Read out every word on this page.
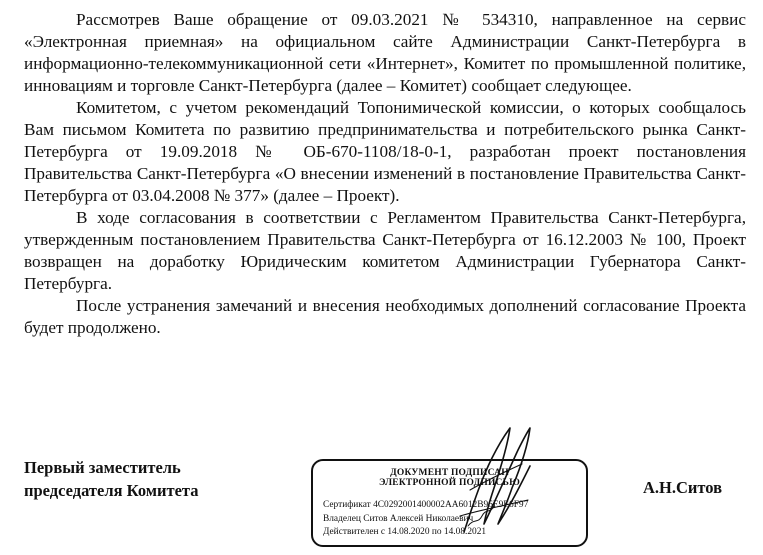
Рассмотрев Ваше обращение от 09.03.2021 № 534310, направленное на сервис «Электронная приемная» на официальном сайте Администрации Санкт-Петербурга в информационно-телекоммуникационной сети «Интернет», Комитет по промышленной политике, инновациям и торговле Санкт-Петербурга (далее – Комитет) сообщает следующее.

Комитетом, с учетом рекомендаций Топонимической комиссии, о которых сообщалось Вам письмом Комитета по развитию предпринимательства и потребительского рынка Санкт-Петербурга от 19.09.2018 № ОБ-670-1108/18-0-1, разработан проект постановления Правительства Санкт-Петербурга «О внесении изменений в постановление Правительства Санкт-Петербурга от 03.04.2008 № 377» (далее – Проект).

В ходе согласования в соответствии с Регламентом Правительства Санкт-Петербурга, утвержденным постановлением Правительства Санкт-Петербурга от 16.12.2003 № 100, Проект возвращен на доработку Юридическим комитетом Администрации Губернатора Санкт-Петербурга.

После устранения замечаний и внесения необходимых дополнений согласование Проекта будет продолжено.

Первый заместитель
председателя Комитета
ДОКУМЕНТ ПОДПИСАН
ЭЛЕКТРОННОЙ ПОДПИСЬЮ
Сертификат 4С0292001400002АА6012В96Е9Е6F97
Владелец Ситов Алексей Николаевич
Действителен с 14.08.2020 по 14.08.2021
А.Н.Ситов
